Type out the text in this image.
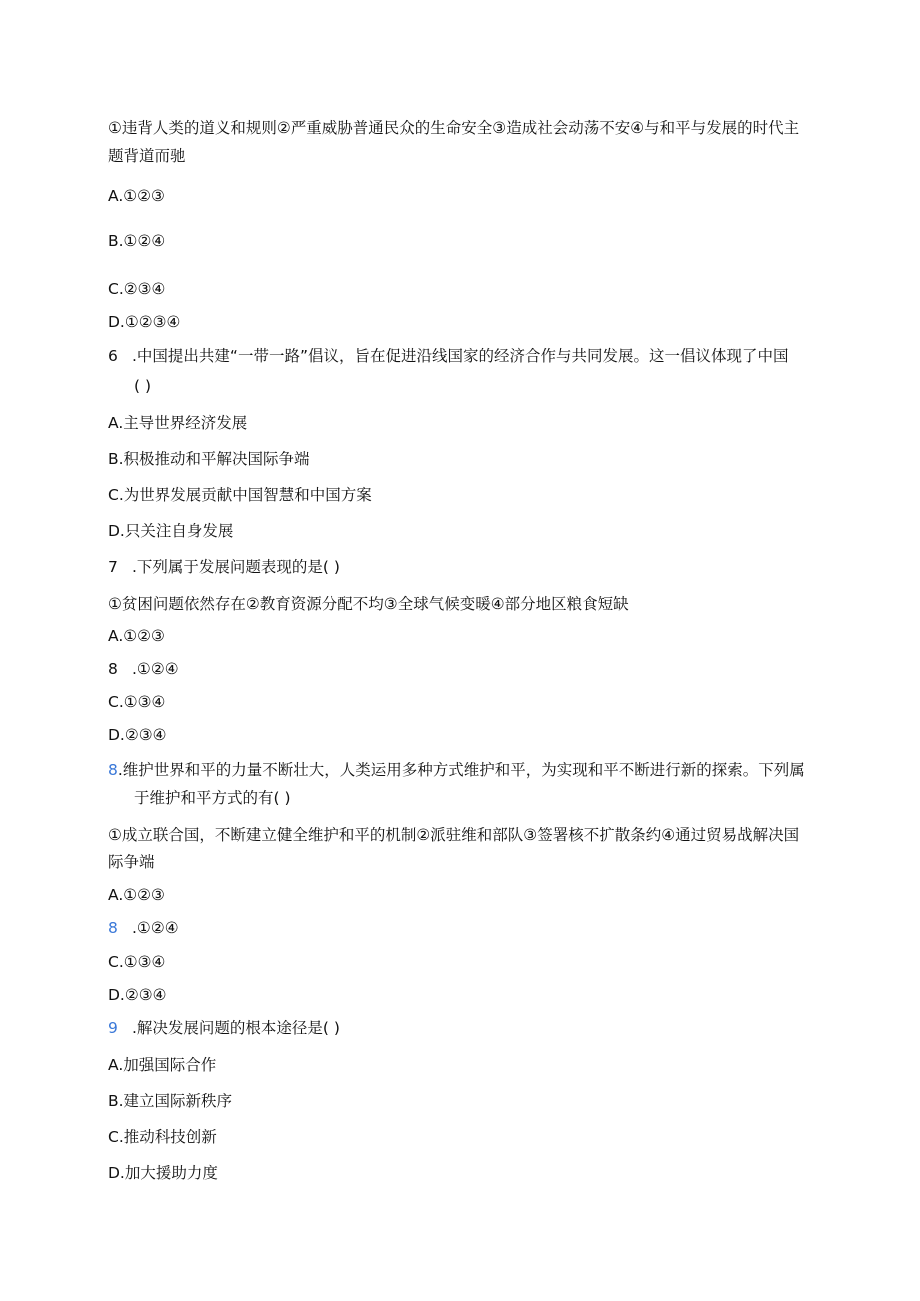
①违背人类的道义和规则②严重威胁普通民众的生命安全③造成社会动荡不安④与和平与发展的时代主
题背道而驰
A.①②③
B.①②④
C.②③④
D.①②③④
6 .中国提出共建“一带一路”倡议，旨在促进沿线国家的经济合作与共同发展。这一倡议体现了中国
( )
A.主导世界经济发展
B.积极推动和平解决国际争端
C.为世界发展贡献中国智慧和中国方案
D.只关注自身发展
7 .下列属于发展问题表现的是( )
①贫困问题依然存在②教育资源分配不均③全球气候变暖④部分地区粮食短缺
A.①②③
8 .①②④
C.①③④
D.②③④
8.维护世界和平的力量不断壮大，人类运用多种方式维护和平，为实现和平不断进行新的探索。下列属
于维护和平方式的有( )
①成立联合国，不断建立健全维护和平的机制②派驻维和部队③签署核不扩散条约④通过贸易战解决国
际争端
A.①②③
8 .①②④
C.①③④
D.②③④
9 .解决发展问题的根本途径是( )
A.加强国际合作
B.建立国际新秩序
C.推动科技创新
D.加大援助力度
